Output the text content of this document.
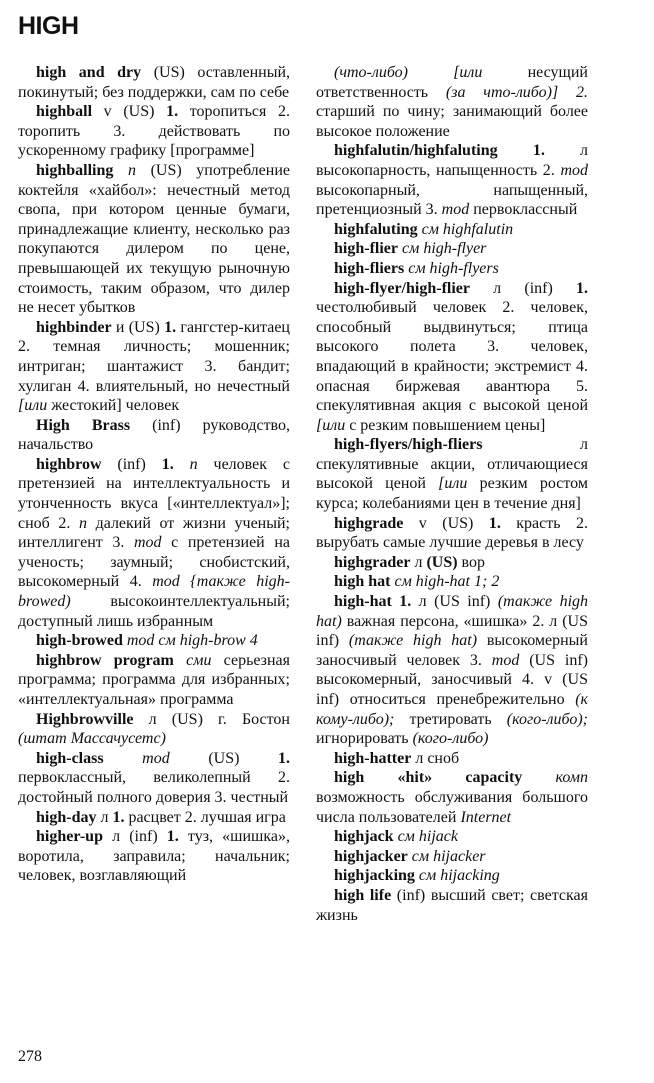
HIGH
high and dry (US) оставленный, покинутый; без поддержки, сам по себе
highball v (US) 1. торопиться 2. торопить 3. действовать по ускоренному графику [программе]
highballing n (US) употребление коктейля «хайбол»: нечестный метод свопа, при котором ценные бумаги, принадлежащие клиенту, несколько раз покупаются дилером по цене, превышающей их текущую рыночную стоимость, таким образом, что дилер не несет убытков
highbinder и (US) 1. гангстер-китаец 2. темная личность; мошенник; интриган; шантажист 3. бандит; хулиган 4. влиятельный, но нечестный [или жестокий] человек
High Brass (inf) руководство, начальство
highbrow (inf) 1. n человек с претензией на интеллектуальность и утонченность вкуса [«интеллектуал»]; сноб 2. n далекий от жизни ученый; интеллигент 3. mod с претензией на ученость; заумный; снобистский, высокомерный 4. mod {также high-browed) высокоинтеллектуальный; доступный лишь избранным
high-browed mod см high-brow 4
highbrow program сми серьезная программа; программа для избранных; «интеллектуальная» программа
Highbrowville л (US) г. Бостон (штат Массачусетс)
high-class mod (US) 1. первоклассный, великолепный 2. достойный полного доверия 3. честный
high-day л 1. расцвет 2. лучшая игра
higher-up л (inf) 1. туз, «шишка», воротила, заправила; начальник; человек, возглавляющий
(что-либо) [или несущий ответственность (за что-либо)] 2. старший по чину; занимающий более высокое положение
highfalutin/highfaluting 1. л высокопарность, напыщенность 2. mod высокопарный, напыщенный, претенциозный 3. mod первоклассный
highfaluting см highfalutin
high-flier см high-flyer
high-fliers см high-flyers
high-flyer/high-flier л (inf) 1. честолюбивый человек 2. человек, способный выдвинуться; птица высокого полета 3. человек, впадающий в крайности; экстремист 4. опасная биржевая авантюра 5. спекулятивная акция с высокой ценой [или с резким повышением цены]
high-flyers/high-fliers л спекулятивные акции, отличающиеся высокой ценой [или резким ростом курса; колебаниями цен в течение дня]
highgrade v (US) 1. красть 2. вырубать самые лучшие деревья в лесу
highgrader л (US) вор
high hat см high-hat 1; 2
high-hat 1. л (US inf) (также high hat) важная персона, «шишка» 2. л (US inf) (также high hat) высокомерный заносчивый человек 3. mod (US inf) высокомерный, заносчивый 4. v (US inf) относиться пренебрежительно (к кому-либо); третировать (кого-либо); игнорировать (кого-либо)
high-hatter л сноб
high «hit» capacity комп возможность обслуживания большого числа пользователей Internet
highjack см hijack
highjacker см hijacker
highjacking см hijacking
high life (inf) высший свет; светская жизнь
278
